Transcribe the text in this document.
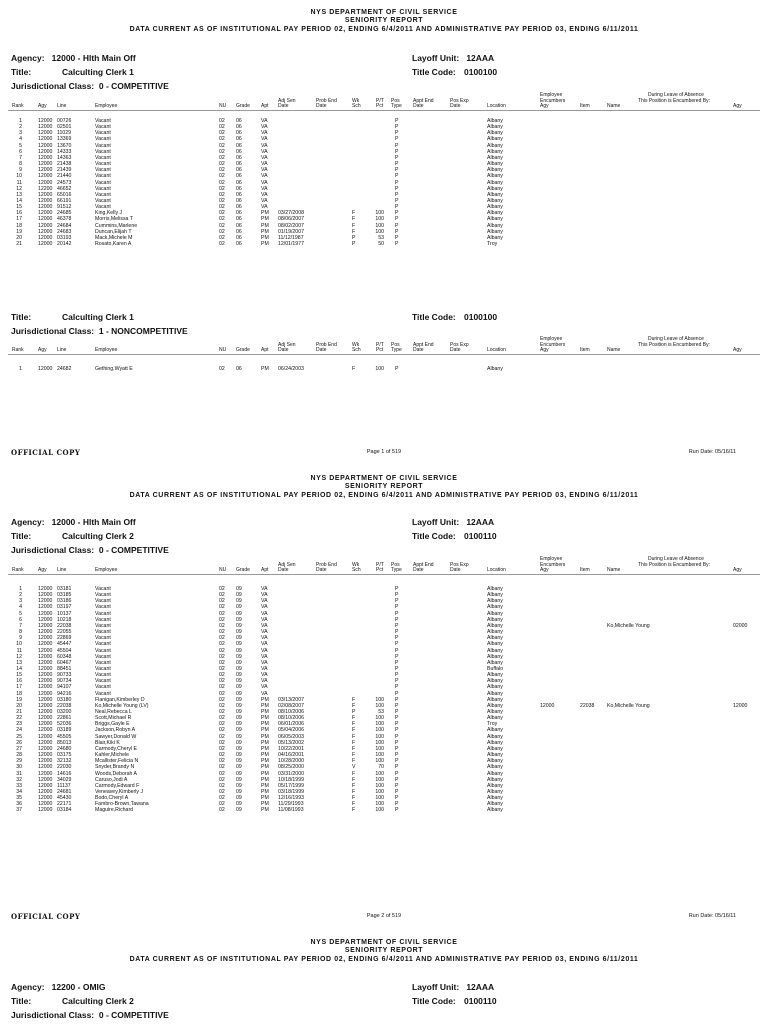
NYS DEPARTMENT OF CIVIL SERVICE
SENIORITY REPORT
DATA CURRENT AS OF INSTITUTIONAL PAY PERIOD 02, ENDING 6/4/2011 AND ADMINISTRATIVE PAY PERIOD 03, ENDING 6/11/2011
Agency: 12000 - Hlth Main Off
Title:	Calculting Clerk 1
Layoff Unit: 12AAA
Title Code: 0100100
Jurisdictional Class: 0 - COMPETITIVE
Rank	Agy Line	Employee	NU Grade Apt
Adj Sen
Date
Prob End
Date
Wk
Sch
P/T
Pct
Pos
Type
Appt End
Date
Pos Exp
Date	Location
Employee
Encumbers
Agy	Item	Name
During Leave of Absence
This Position is Encumbered By:
Agy
1	12000 00726	Vacant	02 06	VA	P	Albany
2	12000 02501	Vacant	02 06	VA	P	Albany
3	12000 11029	Vacant	02 06	VA	P	Albany
4	12000 13369	Vacant	02 06	VA	P	Albany
5	12000 13670	Vacant	02 06	VA	P	Albany
6	12000 14333	Vacant	02 06	VA	P	Albany
7	12000 14363	Vacant	02 06	VA	P	Albany
8	12000 21438	Vacant	02 06	VA	P	Albany
9	12000 21439	Vacant	02 06	VA	P	Albany
10	12000 21440	Vacant	02 06	VA	P	Albany
11	12000 24573	Vacant	02 06	VA	P	Albany
12	12200 46652	Vacant	02 06	VA	P	Albany
13	12000 65016	Vacant	02 06	VA	P	Albany
14	12000 66191	Vacant	02 06	VA	P	Albany
15	12000 91512	Vacant	02 06	VA	P	Albany
16	12000 24685	King,Kelly J	02 06	PM 03/27/2008	F	100 P	Albany
17	12000 46378	Morris,Melissa T	02 06	PM 08/06/2007	F	100 P	Albany
18	12000 24684	Cummins,Marlene	02 06	PM 08/02/2007	F	100 P	Albany
19	12000 24683	Duncan,Elijah T	02 06	PM 01/19/2007	F	100 P	Albany
20	12000 03193	Mack,Michele M	02 06	PM 11/12/1987	P	53 P	Albany
21	12000 20142	Rosato,Karen A	02 06	PM 12/01/1977	P	50 P	Troy
Title:	Calculting Clerk 1	Title Code: 0100100
Jurisdictional Class: 1 - NONCOMPETITIVE
Rank	Agy Line	Employee	NU Grade Apt
Adj Sen
Date
Prob End
Date
Wk
Sch
P/T
Pct
Pos
Type
Appt End
Date
Pos Exp
Date	Location
Employee
Encumbers
Agy	Item	Name
During Leave of Absence
This Position is Encumbered By:
Agy
1	12000 24682	Gething,Wyatt E	02 06	PM 06/24/2003	F	100 P	Albany
OFFICIAL COPY	Page 1 of 519	Run Date: 05/16/11
NYS DEPARTMENT OF CIVIL SERVICE
SENIORITY REPORT
DATA CURRENT AS OF INSTITUTIONAL PAY PERIOD 02, ENDING 6/4/2011 AND ADMINISTRATIVE PAY PERIOD 03, ENDING 6/11/2011
Agency: 12000 - Hlth Main Off
Title:	Calculting Clerk 2
Layoff Unit: 12AAA
Title Code: 0100110
Jurisdictional Class: 0 - COMPETITIVE
Rank	Agy Line	Employee	NU Grade Apt
Adj Sen
Date
Prob End
Date
Wk
Sch
P/T
Pct
Pos
Type
Appt End
Date
Pos Exp
Date	Location
Employee
Encumbers
Agy	Item	Name
During Leave of Absence
This Position is Encumbered By:
Agy
1	12000 03181	Vacant	02 09	VA	P	Albany
2	12000 03185	Vacant	02 09	VA	P	Albany
3	12000 03186	Vacant	02 09	VA	P	Albany
4	12000 03197	Vacant	02 09	VA	P	Albany
5	12000 10137	Vacant	02 09	VA	P	Albany
6	12000 10218	Vacant	02 09	VA	P	Albany
7	12000 22038	Vacant	02 09	VA	P	Albany	Ko,Michelle Young	02000
8	12000 22055	Vacant	02 09	VA	P	Albany
9	12000 22869	Vacant	02 09	VA	P	Albany
10	12000 45447	Vacant	02 09	VA	P	Albany
11	12000 45504	Vacant	02 09	VA	P	Albany
12	12000 60348	Vacant	02 09	VA	P	Albany
13	12000 60467	Vacant	02 09	VA	P	Albany
14	12000 88451	Vacant	02 09	VA	P	Buffalo
15	12000 90733	Vacant	02 09	VA	P	Albany
16	12000 90734	Vacant	02 09	VA	P	Albany
17	12000 94107	Vacant	02 09	VA	P	Albany
18	12000 94216	Vacant	02 09	VA	P	Albany
19	12000 03180	Flanigan,Kimberley D	02 09	PM 03/13/2007	F	100 P	Albany
20	12000 22038	Ko,Michelle Young (LV)	02 09	PM 02/08/2007	F	100 P	Albany	12000	22038 Ko,Michelle Young	12000
21	12000 03200	Neal,Rebecca L	02 09	PM 08/10/2006	P	53 P	Albany
22	12000 22861	Scott,Michael R	02 09	PM 08/10/2006	F	100 P	Albany
23	12000 52036	Briggs,Gayle E	02 09	PM 06/01/2006	F	100 P	Troy
24	12000 03189	Jackson,Robyn A	02 09	PM 05/04/2006	F	100 P	Albany
25	12000 45505	Sawyer,Donald W	02 09	PM 06/05/2003	F	100 P	Albany
26	12000 85013	Blair,Kiki K	02 09	PM 05/13/2002	F	100 P	Albany
27	12000 24680	Carmody,Cheryl E	02 09	PM 10/22/2001	F	100 P	Albany
28	12000 03175	Kahler,Michele	02 09	PM 04/16/2001	F	100 P	Albany
29	12000 32132	Mcallister,Felicia N	02 09	PM 10/28/2000	F	100 P	Albany
30	12000 22030	Snyder,Brandy N	02 09	PM 08/25/2000	V	70 P	Albany
31	12000 14616	Woods,Deborah A	02 09	PM 03/31/2000	F	100 P	Albany
32	12000 34029	Caruso,Jodi A	02 09	PM 10/18/1999	F	100 P	Albany
33	12000 11137	Carmody,Edward F	02 09	PM 05/17/1999	F	100 P	Albany
34	12000 24681	Veneavey,Kimberly J	02 09	PM 03/18/1999	F	100 P	Albany
35	12000 45430	Bodo,Cheryl A	02 09	PM 12/16/1993	F	100 P	Albany
36	12000 22171	Fambro-Brown,Tawana	02 09	PM 11/29/1993	F	100 P	Albany
37	12000 03184	Maguire,Richard	02 09	PM 11/08/1993	F	100 P	Albany
OFFICIAL COPY	Page 2 of 519	Run Date: 05/16/11
NYS DEPARTMENT OF CIVIL SERVICE
SENIORITY REPORT
DATA CURRENT AS OF INSTITUTIONAL PAY PERIOD 02, ENDING 6/4/2011 AND ADMINISTRATIVE PAY PERIOD 03, ENDING 6/11/2011
Agency: 12200 - OMIG
Title:	Calculting Clerk 2
Layoff Unit: 12AAA
Title Code: 0100110
Jurisdictional Class: 0 - COMPETITIVE
